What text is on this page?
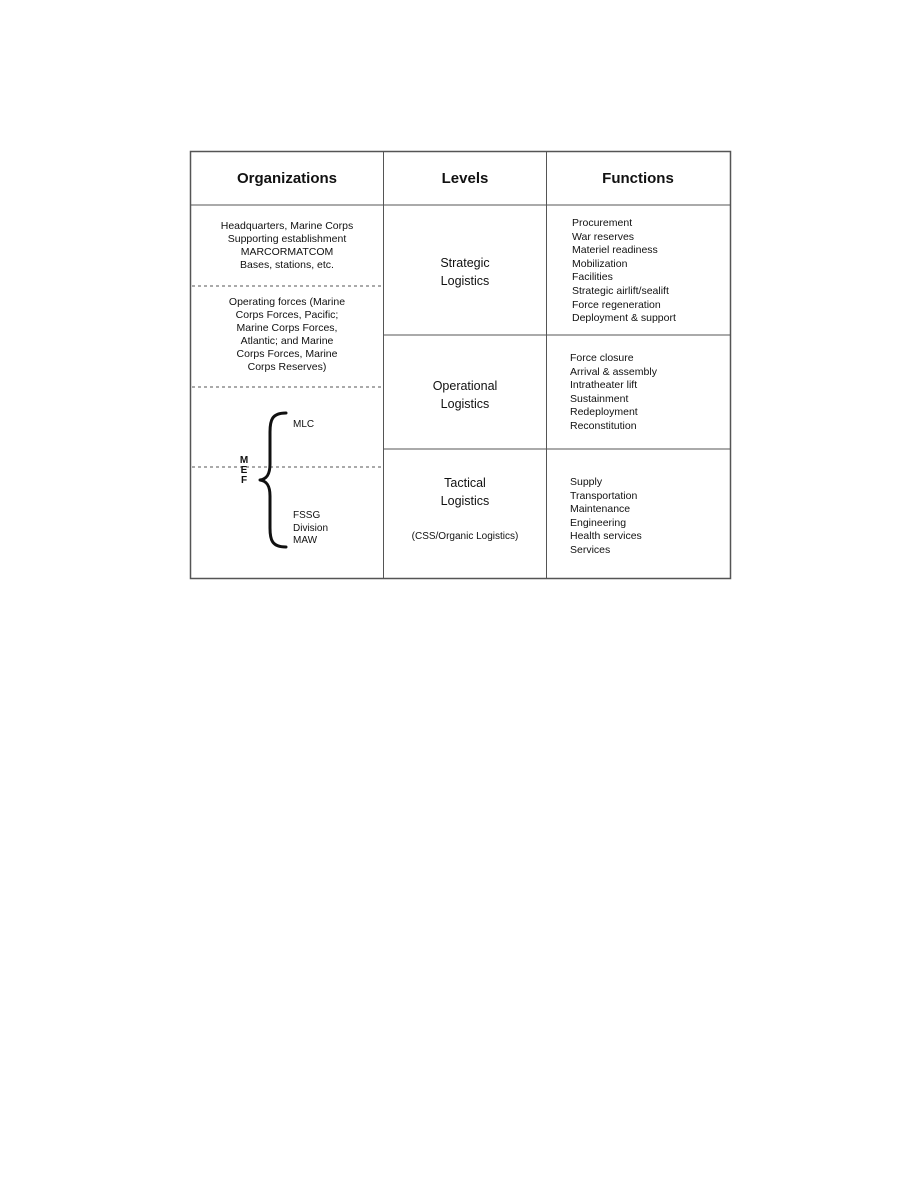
Organizations	Levels	Functions
Headquarters, Marine Corps
Supporting establishment
MARCORMATCOM
Bases, stations, etc.
Operating forces (Marine
Corps Forces, Pacific;
Marine Corps Forces,
Atlantic; and Marine
Corps Forces, Marine
Corps Reserves)
MLC
M
E
F
FSSG
Division
MAW
Strategic
Logistics
Operational
Logistics
Tactical
Logistics
(CSS/Organic Logistics)
Procurement
War reserves
Materiel readiness
Mobilization
Facilities
Strategic airlift/sealift
Force regeneration
Deployment & support
Force closure
Arrival & assembly
Intratheater lift
Sustainment
Redeployment
Reconstitution
Supply
Transportation
Maintenance
Engineering
Health services
Services
